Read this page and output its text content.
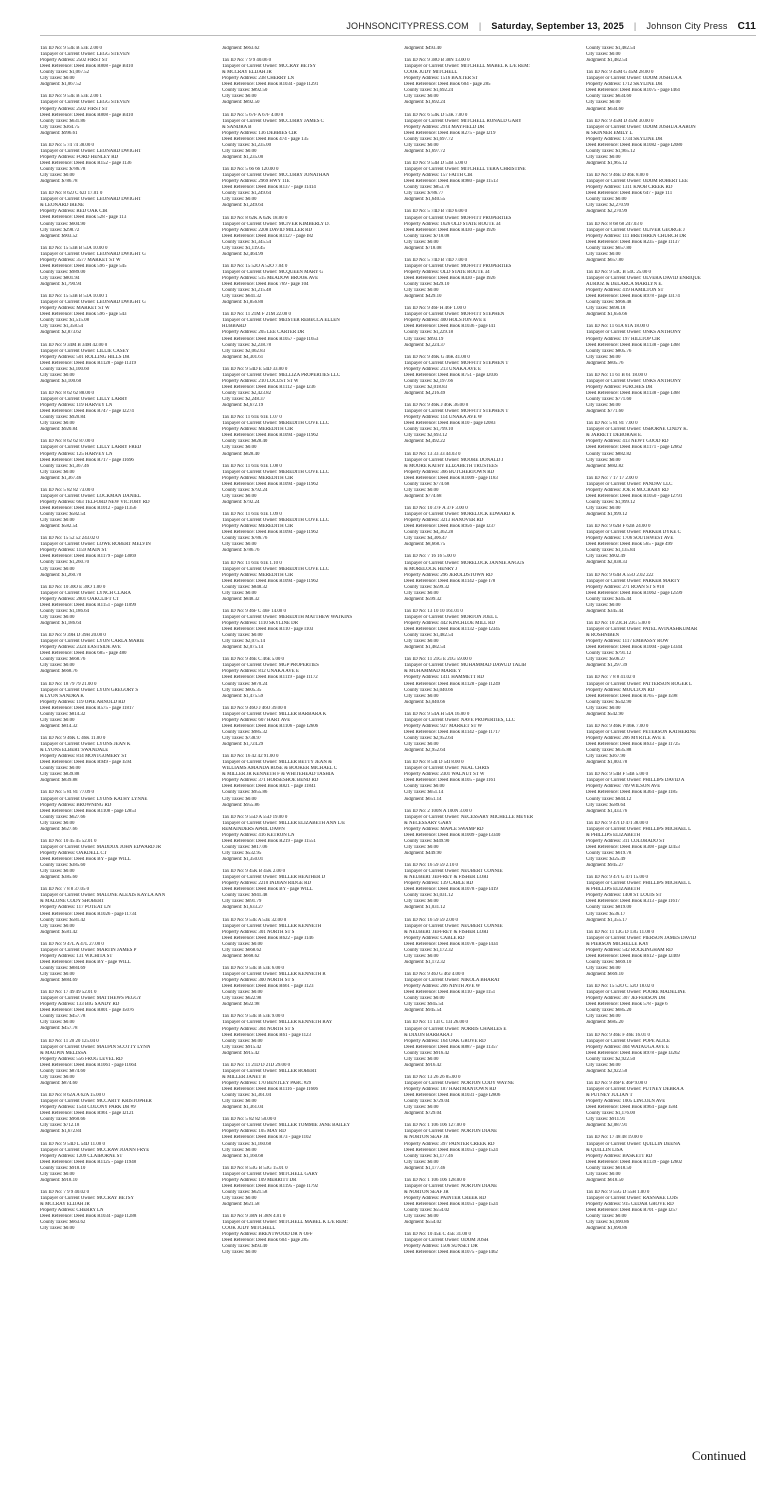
JOHNSONCITYPRESS.COM | Saturday, September 13, 2025 | Johnson City Press C11
Tax ID No: 9 53E B 53E 2.00 0
Taxpayer or Current Owner: LEGG STEVEN
Property Address: 2502 FIRST ST
Deed Reference: Deed Book R808 - page B410
County Taxes: $1,067.52
City Taxes: $0.00
Judgment: $1,067.52
Tax ID No: 9 53E B 53E 2.00 1
Taxpayer or Current Owner: LEGG STEVEN
Property Address: 2502 FIRST ST
Deed Reference: Deed Book R808 - page B410
County Taxes: $631.86
City Taxes: $364.75
Judgment: $996.61
Tax ID No: 5 74 74 38.00 0
Taxpayer or Current Owner: LEONARD DWIGHT
Property Address: FORD HENLEY RD
Deed Reference: Deed Book R152 - page I136
County Taxes: $786.78
City Taxes: $0.00
Judgment: $786.78
Tax ID No: 8 62J C 62J 17.01 0
Taxpayer or Current Owner: LEONARD DWIGHT
& LEONARD IRENE
Property Address: RED OAK CIR
Deed Reference: Deed Book 528 - page 113
County Taxes: $604.90
City Taxes: $298.72
Judgment: $903.52
Tax ID No: 15 53B B 53A 10.00 0
Taxpayer or Current Owner: LEONARD DWIGHT G
Property Address: 3577 MARKET ST W
Deed Reference: Deed Book 596 - page 545
County Taxes: $989.00
City Taxes: $801.94
Judgment: $1,790.94
Tax ID No: 15 53B B 53A 10.00 1
Taxpayer or Current Owner: LEONARD DWIGHT G
Property Address: MARKET ST W
Deed Reference: Deed Book 596 - page 543
County Taxes: $1,515.08
City Taxes: $1,358.54
Judgment: $2,873.62
Tax ID No: 9 34M B 34M 42.00 0
Taxpayer or Current Owner: LILLIE CASEY
Property Address: 501 ROLLING HILLS DR
Deed Reference: Deed Book R1128 - page I1319
County Taxes: $3,100.60
City Taxes: $0.00
Judgment: $3,100.60
Tax ID No: 8 62 62 88.00 0
Taxpayer or Current Owner: LILLY LARRY
Property Address: 119 HARVEY LN
Deed Reference: Deed Book R747 - page I2274
County Taxes: $920.84
City Taxes: $0.00
Judgment: $920.84
Tax ID No: 8 62 62 87.00 0
Taxpayer or Current Owner: LILLY LARRY FRED
Property Address: 125 HARVEY LN
Deed Reference: Deed Book R717 - page I1696
County Taxes: $1,367.46
City Taxes: $0.00
Judgment: $1,367.46
Tax ID No: 5 82 82 73.00 0
Taxpayer or Current Owner: LOCKMAN DANIEL
Property Address: 663 TELFORD NEW VICTORY RD
Deed Reference: Deed Book R1012 - page I1356
County Taxes: $582.54
City Taxes: $0.00
Judgment: $582.54
Tax ID No: 15 52 52 243.02 0
Taxpayer or Current Owner: LOWE ROBERT MELVIN
Property Address: 1159 MAIN ST
Deed Reference: Deed Book R1179 - page I3069
County Taxes: $1,260.70
City Taxes: $0.00
Judgment: $1,260.70
Tax ID No: 10 30O E 30O 1.00 0
Taxpayer or Current Owner: LYNCH CLARA
Property Address: 2801 OAKCLIFT CT
Deed Reference: Deed Book R1151 - page I1099
County Taxes: $1,186.64
City Taxes: $0.00
Judgment: $1,186.64
Tax ID No: 9 39H D 39H 20.00 0
Taxpayer or Current Owner: LYON CARLA MARIE
Property Address: 2324 EASTSIDE AVE
Deed Reference: Deed Book 685 - page 480
County Taxes: $668.76
City Taxes: $0.00
Judgment: $668.76
Tax ID No: 18 79 79 21.00 0
Taxpayer or Current Owner: LYON GREGORY S
& LYON SANDRA K
Property Address: 119 OPIE ARNOLD RD
Deed Reference: Deed Book R575 - page I1817
County Taxes: $814.32
City Taxes: $0.00
Judgment: $814.32
Tax ID No: 9 46K C 46K 11.00 0
Taxpayer or Current Owner: LYONS JEAN K
& LYONS ELBERT SWANDALE
Property Address: 814 MONTGOMERY ST
Deed Reference: Deed Book R949 - page I594
County Taxes: $0.00
City Taxes: $839.88
Judgment: $839.88
Tax ID No: 5 81 81 77.09 0
Taxpayer or Current Owner: LYONS KATHY LYNNE
Property Address: BROWNING RD
Deed Reference: Deed Book R1108 - page I2853
County Taxes: $627.66
City Taxes: $0.00
Judgment: $627.66
Tax ID No: 10 45 45 52.01 0
Taxpayer or Current Owner: MADDOX JOHN EDWARD JR
Property Address: OAKDELL CT
Deed Reference: Deed Book BY - page WILL
County Taxes: $385.60
City Taxes: $0.00
Judgment: $385.60
Tax ID No: 7 8 8 37.05 0
Taxpayer or Current Owner: MALONE ALEXIS KAYLA ANN
& MALONE CODY SHOBERT
Property Address: 117 POTEAT LN
Deed Reference: Deed Book R1026 - page I1734
County Taxes: $581.42
City Taxes: $0.00
Judgment: $581.42
Tax ID No: 9 47L A 47L 27.00 0
Taxpayer or Current Owner: MARTIN JAMES P
Property Address: 131 WICHITA ST
Deed Reference: Deed Book BY - page WILL
County Taxes: $884.69
City Taxes: $0.00
Judgment: $884.69
Tax ID No: 17 49 49 52.01 0
Taxpayer or Current Owner: MATTHEWS PEGGY
Property Address: 133 BIG SANDY RD
Deed Reference: Deed Book R801 - page I5076
County Taxes: $457.78
City Taxes: $0.00
Judgment: $457.78
Tax ID No: 11 20 20 125.04 0
Taxpayer or Current Owner: MAUPIN SCOTTY LYNN
& MAUPIN MELISSA
Property Address: 556 FROG LEVEL RD
Deed Reference: Deed Book R1061 - page I1664
County Taxes: $874.60
City Taxes: $0.00
Judgment: $874.60
Tax ID No: 8 62A A 62A 15.00 0
Taxpayer or Current Owner: MCCARTY KRISTOPHER
Property Address: 1544 COLONY PARK DR #9
Deed Reference: Deed Book R961 - page I2121
County Taxes: $960.66
City Taxes: $712.18
Judgment: $1,672.84
Tax ID No: 9 54D L 54D 11.00 0
Taxpayer or Current Owner: MCCRAW JOANN FRYE
Property Address: 1209 CLAIBORNE ST
Deed Reference: Deed Book R1125 - page I1948
County Taxes: $918.10
City Taxes: $0.00
Judgment: $918.10
Tax ID No: 7 9 9 40.02 0
Taxpayer or Current Owner: MCCRAY BETSY
& MCCRAY ELIJAH JR
Property Address: CHERRY LN
Deed Reference: Deed Book R1034 - page I1288
County Taxes: $663.62
City Taxes: $0.00
Judgment: $663.62
Tax ID No: 7 9 9 40.06 0
Taxpayer or Current Owner: MCCRAY BETSY
& MCCRAY ELIJAH JR
Property Address: 238 CHERRY LN
Deed Reference: Deed Book R1034 - page I1291
County Taxes: $892.50
City Taxes: $0.00
Judgment: $892.50
Tax ID No: 5 67F A 67F 4.00 0
Taxpayer or Current Owner: MCCURRY JAMES C
& SANDRA B
Property Address: 136 DEBBIES CIR
Deed Reference: Deed Book 474 - page 135
County Taxes: $1,235.00
City Taxes: $0.00
Judgment: $1,235.00
Tax ID No: 5 66 66 120.00 0
Taxpayer or Current Owner: MCCURRY JONATHAN
Property Address: 2969 HWY 11E
Deed Reference: Deed Book R137 - page I1414
County Taxes: $1,249.64
City Taxes: $0.00
Judgment: $1,249.64
Tax ID No: 8 62K A 62K 18.00 0
Taxpayer or Current Owner: MCIVER KIMBERLY D.
Property Address: 2208 DAVID MILLER RD
Deed Reference: Deed Book R1127 - page I82
County Taxes: $1,345.54
City Taxes: $1,119.45
Judgment: $2,464.99
Tax ID No: 15 52O A 52O 7.04 0
Taxpayer or Current Owner: MCQUEEN MARY G
Property Address: 515 MEADOW BROOK AVE
Deed Reference: Deed Book 769 - page 104
County Taxes: $1,215.48
City Taxes: $641.32
Judgment: $1,856.80
Tax ID No: 11 21M F 21M 22.00 0
Taxpayer or Current Owner: MEISTER REBECCA ELLEN
HUBBARD
Property Address: 205 LEE CARTER DR
Deed Reference: Deed Book R1057 - page I1653
County Taxes: $2,238.78
City Taxes: $2,062.83
Judgment: $4,301.61
Tax ID No: 9 54D E 54D 33.00 0
Taxpayer or Current Owner: MELLIZA PROPERTIES LLC
Property Address: 210 LOCUST ST W
Deed Reference: Deed Book R1112 - page I236
County Taxes: $2,423.82
City Taxes: $2,248.37
Judgment: $4,672.19
Tax ID No: 11 61E 61E 1.07 0
Taxpayer or Current Owner: MEREDITH COVE LLC
Property Address: MEREDITH CIR
Deed Reference: Deed Book R1094 - page I1962
County Taxes: $828.40
City Taxes: $0.00
Judgment: $828.40
Tax ID No: 11 61E 61E 1.08 0
Taxpayer or Current Owner: MEREDITH COVE LLC
Property Address: MEREDITH CIR
Deed Reference: Deed Book R1094 - page I1962
County Taxes: $792.24
City Taxes: $0.00
Judgment: $792.24
Tax ID No: 11 61E 61E 1.09 0
Taxpayer or Current Owner: MEREDITH COVE LLC
Property Address: MEREDITH CIR
Deed Reference: Deed Book R1094 - page I1962
County Taxes: $786.76
City Taxes: $0.00
Judgment: $786.76
Tax ID No: 11 61E 61E 1.10 0
Taxpayer or Current Owner: MEREDITH COVE LLC
Property Address: MEREDITH CIR
Deed Reference: Deed Book R1094 - page I1962
County Taxes: $848.32
City Taxes: $0.00
Judgment: $848.32
Tax ID No: 9 46F C 46F 14.00 0
Taxpayer or Current Owner: MEREDITH MATTHEW WATKINS
Property Address: 1110 SKYLINE DR
Deed Reference: Deed Book R110 - page I103
County Taxes: $0.00
City Taxes: $2,075.14
Judgment: $2,075.14
Tax ID No: 9 46E C 46E 5.00 0
Taxpayer or Current Owner: MGP PROPERTIES
Property Address: 812 UNAKA AVE E
Deed Reference: Deed Book R1119 - page I1172
County Taxes: $870.24
City Taxes: $605.35
Judgment: $1,475.59
Tax ID No: 9 46O J 46O 39.00 0
Taxpayer or Current Owner: MILLER BARBARA K
Property Address: 607 HART AVE
Deed Reference: Deed Book R1106 - page I2606
County Taxes: $985.32
City Taxes: $738.97
Judgment: $1,724.29
Tax ID No: 16 42 42 91.00 0
Taxpayer or Current Owner: MILLER BETTY JEAN &
WILLIAMS AMANDA ROSE & BOOKER MICHAEL C
& MILLER JR KENNETH F & WHITEHEAD TASHIA
Property Address: 371 HORSESHOE BEND RD
Deed Reference: Deed Book R821 - page I1841
County Taxes: $955.86
City Taxes: $0.00
Judgment: $955.86
Tax ID No: 9 55D A 55D 19.00 0
Taxpayer or Current Owner: MILLER ELIZABETH ANN L/E
REMAINDERS APRIL DAWN
Property Address: 416 KETRON LN
Deed Reference: Deed Book R219 - page I1551
County Taxes: $817.06
City Taxes: $532.95
Judgment: $1,350.01
Tax ID No: 9 45K B 45K 2.00 0
Taxpayer or Current Owner: MILLER HEATHER D
Property Address: 2210 INDIAN RIDGE RD
Deed Reference: Deed Book BY - page WILL
County Taxes: $941.48
City Taxes: $691.79
Judgment: $1,633.27
Tax ID No: 9 53E A 53E 32.00 0
Taxpayer or Current Owner: MILLER KENNETH
Property Address: 301 NORTH ST S
Deed Reference: Deed Book R622 - page I146
County Taxes: $0.00
City Taxes: $668.62
Judgment: $668.62
Tax ID No: 9 53E B 53E 6.00 0
Taxpayer or Current Owner: MILLER KENNETH R
Property Address: 300 NORTH ST S
Deed Reference: Deed Book R661 - page I123
County Taxes: $0.00
City Taxes: $622.98
Judgment: $622.98
Tax ID No: 9 53E B 53E 9.00 0
Taxpayer or Current Owner: MILLER KENNETH RAY
Property Address: 304 NORTH ST S
Deed Reference: Deed Book R61 - page I123
County Taxes: $0.00
City Taxes: $915.42
Judgment: $915.42
Tax ID No: 11 21D D 21D 29.00 0
Taxpayer or Current Owner: MILLER ROBERT
& MILLER JANET B
Property Address: 170 BENTLEY PARC #29
Deed Reference: Deed Book R1116 - page I1606
County Taxes: $1,361.04
City Taxes: $0.00
Judgment: $1,361.04
Tax ID No: 5 82 82 50.00 0
Taxpayer or Current Owner: MILLER TOMMIE JANE BAILEY
Property Address: 105 MAY RD
Deed Reference: Deed Book R73 - page I102
County Taxes: $1,160.68
City Taxes: $0.00
Judgment: $1,160.68
Tax ID No: 8 53G B 53G 15.01 0
Taxpayer or Current Owner: MITCHELL GARY
Property Address: 109 MERRITT DR
Deed Reference: Deed Book R1195 - page I1792
County Taxes: $621.58
City Taxes: $0.00
Judgment: $621.58
Tax ID No: 9 38N H 38N 4.01 0
Taxpayer or Current Owner: MITCHELL MABEL K L/E REM:
COOK JUDY MITCHELL
Property Address: BRENTWOOD DR N OFF
Deed Reference: Deed Book 604 - page 285
County Taxes: $493.40
City Taxes: $0.00
Judgment: $493.40
Tax ID No: 9 38O B 38N 13.00 0
Taxpayer or Current Owner: MITCHELL MABEL K L/E REM:
COOK JUDY MITCHELL
Property Address: 1516 BAXTER ST
Deed Reference: Deed Book 604 - page 285
County Taxes: $1,692.24
City Taxes: $0.00
Judgment: $1,692.24
Tax ID No: 6 53K D 53K 7.00 0
Taxpayer or Current Owner: MITCHELL RONALD GARY
Property Address: 2914 MAYFIELD DR
Deed Reference: Deed Book R275 - page I219
County Taxes: $1,697.72
City Taxes: $0.00
Judgment: $1,697.72
Tax ID No: 9 53B D 53B 5.00 0
Taxpayer or Current Owner: MITCHELL TERA CHRISTINE
Property Address: 157 FAITH CIR
Deed Reference: Deed Book R980 - page I1513
County Taxes: $853.78
City Taxes: $786.77
Judgment: $1,640.55
Tax ID No: 5 74D B 74D 6.00 0
Taxpayer or Current Owner: MOFFITT PROPERTIES
Property Address: 1626 OLD STATE ROUTE 34
Deed Reference: Deed Book R430 - page I926
County Taxes: $718.08
City Taxes: $0.00
Judgment: $718.08
Tax ID No: 5 74D B 74D 7.00 0
Taxpayer or Current Owner: MOFFITT PROPERTIES
Property Address: OLD STATE ROUTE 34
Deed Reference: Deed Book R430 - page I926
County Taxes: $429.10
City Taxes: $0.00
Judgment: $429.10
Tax ID No: 9 46F H 46F 1.00 0
Taxpayer or Current Owner: MOFFITT STEPHEN
Property Address: 400 HOLSTON AVE E
Deed Reference: Deed Book R1036 - page I41
County Taxes: $1,229.18
City Taxes: $993.19
Judgment: $2,224.37
Tax ID No: 9 46K G 46K 41.00 0
Taxpayer or Current Owner: MOFFITT STEPHEN T
Property Address: 213 UNAKA AVE E
Deed Reference: Deed Book R751 - page I2036
County Taxes: $2,197.66
City Taxes: $2,018.83
Judgment: $4,216.49
Tax ID No: 9 46K J 46K 36.00 0
Taxpayer or Current Owner: MOFFITT STEPHEN T
Property Address: 114 UNAKA AVE W
Deed Reference: Deed Book R10 - page I2083
County Taxes: $1,799.10
City Taxes: $2,693.12
Judgment: $4,492.22
Tax ID No: 13 33 33 44.03 0
Taxpayer or Current Owner: MOORE DONALD J
& MOORE KATHY ELIZABETH TRUSTEES
Property Address: 366 BUTCHERTOWN RD
Deed Reference: Deed Book R1009 - page I183
County Taxes: $774.68
City Taxes: $0.00
Judgment: $774.68
Tax ID No: 10 37F A 37F 3.00 0
Taxpayer or Current Owner: MORELOCK EDWARD K
Property Address: 3213 HANOVER RD
Deed Reference: Deed Book R956 - page I237
County Taxes: $4,362.28
City Taxes: $4,306.47
Judgment: $8,668.75
Tax ID No: 7 16 16 5.00 0
Taxpayer or Current Owner: MORELOCK JANNIE ANGUS
& MORELOCK HENRY J
Property Address: 296 JEROLDSTOWN RD
Deed Reference: Deed Book R1142 - page I78
County Taxes: $599.32
City Taxes: $0.00
Judgment: $599.32
Tax ID No: 13 10 10 161.01 0
Taxpayer or Current Owner: MORTON JOEL L
Property Address: 442 KINCHLOE MILL RD
Deed Reference: Deed Book R1132 - page I2345
County Taxes: $1,482.54
City Taxes: $0.00
Judgment: $1,482.54
Tax ID No: 11 21G E 21G 59.00 0
Taxpayer or Current Owner: MUHAMMAD DAWUD TALIB
& MUHAMMAD MARIE Y
Property Address: 1411 HAMMETT RD
Deed Reference: Deed Book R1128 - page I1249
County Taxes: $3,040.66
City Taxes: $0.00
Judgment: $3,040.66
Tax ID No: 9 54A H 54A 16.00 0
Taxpayer or Current Owner: NAVE PROPERTIES, LLC
Property Address: 927 MARKET ST W
Deed Reference: Deed Book R1142 - page I1717
County Taxes: $2,952.64
City Taxes: $0.00
Judgment: $2,952.64
Tax ID No: 8 54I D 54I 8.00 0
Taxpayer or Current Owner: NEAL CHRIS
Property Address: 2301 WALNUT ST W
Deed Reference: Deed Book R105 - page I161
County Taxes: $0.00
City Taxes: $651.14
Judgment: $651.14
Tax ID No: 2 100N A 100N 3.00 0
Taxpayer or Current Owner: NECESSARY MICHELLE MEYER
& NECESSARY GARY
Property Address: MAPLE SWAMP RD
Deed Reference: Deed Book R1009 - page I3340
County Taxes: $449.90
City Taxes: $0.00
Judgment: $449.90
Tax ID No: 16 59 59 2.10 0
Taxpayer or Current Owner: NEUBERT CONNIE
& NEUBERT JEFFREY & FISHER LORI
Property Address: 139 CABLE RD
Deed Reference: Deed Book R1078 - page I419
County Taxes: $1,031.12
City Taxes: $0.00
Judgment: $1,031.12
Tax ID No: 16 59 59 2.00 0
Taxpayer or Current Owner: NEUBERT CONNIE
& NEUBERT JEFFREY & FISHER LORI
Property Address: CABLE RD
Deed Reference: Deed Book R1078 - page I434
County Taxes: $1,172.32
City Taxes: $0.00
Judgment: $1,172.32
Tax ID No: 9 46J G 46J 4.00 0
Taxpayer or Current Owner: NIKOLA BHARAT
Property Address: 206 NINTH AVE W
Deed Reference: Deed Book R110 - page I151
County Taxes: $0.00
City Taxes: $945.54
Judgment: $945.54
Tax ID No: 11 13I C 13I 26.00 0
Taxpayer or Current Owner: NORRIS CHARLES E
& DIXON BARBARA J
Property Address: 164 OAK GROVE RD
Deed Reference: Deed Book R887 - page I1357
County Taxes: $916.42
City Taxes: $0.00
Judgment: $916.42
Tax ID No: 13 26 26 85.00 0
Taxpayer or Current Owner: NORTON CODY WAYNE
Property Address: 187 HARTMANTOWN RD
Deed Reference: Deed Book R1031 - page I2806
County Taxes: $729.04
City Taxes: $0.00
Judgment: $729.04
Tax ID No: 1 106 106 127.00 0
Taxpayer or Current Owner: NORTON DIANE
& NORTON SEAF JR
Property Address: 397 PAINTER CREEK RD
Deed Reference: Deed Book R1051 - page I524
County Taxes: $1,177.46
City Taxes: $0.00
Judgment: $1,177.46
Tax ID No: 1 106 106 128.00 0
Taxpayer or Current Owner: NORTON DIANE
& NORTON SEAF JR
Property Address: PAINTER CREEK RD
Deed Reference: Deed Book R1051 - page I524
County Taxes: $554.02
City Taxes: $0.00
Judgment: $554.02
Tax ID No: 10 45E C 45E 31.00 0
Taxpayer or Current Owner: ODOM JOSH
Property Address: 1506 SUNSET DR
Deed Reference: Deed Book R1075 - page I462
County Taxes: $1,482.54
City Taxes: $0.00
Judgment: $1,482.54
Tax ID No: 9 45M G 45M 28.00 0
Taxpayer or Current Owner: ODOM JOSHUA A
Property Address: 1712 SKYLINE DR
Deed Reference: Deed Book R1075 - page I464
County Taxes: $634.60
City Taxes: $0.00
Judgment: $634.60
Tax ID No: 9 45M D 45M 30.00 0
Taxpayer or Current Owner: ODOM JOSHUA AARON
& SKINNER EMILY L
Property Address: 1734 SKYLINE DR
Deed Reference: Deed Book R1082 - page I2080
County Taxes: $1,965.12
City Taxes: $0.00
Judgment: $1,965.12
Tax ID No: 9 46E D 46E 8.00 0
Taxpayer or Current Owner: ODOM ROBERT LEE
Property Address: 1311 KNOB CREEK RD
Deed Reference: Deed Book 647 - page 111
County Taxes: $0.00
City Taxes: $2,270.99
Judgment: $2,270.99
Tax ID No: 8 68 68 247.03 0
Taxpayer or Current Owner: OLIVER GEORGE J
Property Address: 111 BRETHREN CHURCH DR
Deed Reference: Deed Book R235 - page I1137
County Taxes: $657.80
City Taxes: $0.00
Judgment: $657.80
Tax ID No: 9 54C B 54C 25.00 0
Taxpayer or Current Owner: OLVERA DAVID ENRIQUE
AURIOZ & DELARCA MARILYN E.
Property Address: 419 HAMILTON ST
Deed Reference: Deed Book R978 - page I3174
County Taxes: $966.48
City Taxes: $690.18
Judgment: $1,656.66
Tax ID No: 11 61A 61A 18.00 0
Taxpayer or Current Owner: ONKS ANTHONY
Property Address: 197 HILLTOP CIR
Deed Reference: Deed Book R1138 - page I368
County Taxes: $805.76
City Taxes: $0.00
Judgment: $805.76
Tax ID No: 11 61 B 61 18.00 0
Taxpayer or Current Owner: ONKS ANTHONY
Property Address: FURCHES DR
Deed Reference: Deed Book R1138 - page I368
County Taxes: $771.60
City Taxes: $0.00
Judgment: $771.60
Tax ID No: 5 81 81 7.00 0
Taxpayer or Current Owner: OSBORNE CINDY K.
& JARRETT DEBORAH E.
Property Address: 413 NEWT GOOD RD
Deed Reference: Deed Book R1171 - page I2662
County Taxes: $882.82
City Taxes: $0.00
Judgment: $882.82
Tax ID No: 7 17 17 2.00 0
Taxpayer or Current Owner: PANDAV LLC
Property Address: JOE R MCCRARY RD
Deed Reference: Deed Book R1050 - page I2791
County Taxes: $1,999.12
City Taxes: $0.00
Judgment: $1,999.12
Tax ID No: 9 62B F 62B 24.00 0
Taxpayer or Current Owner: PARKER DYKE C
Property Address: 1706 SOUTHWEST AVE
Deed Reference: Deed Book 565 - page 499
County Taxes: $1,135.84
City Taxes: $902.49
Judgment: $2,038.33
Tax ID No: 9 63B A 55O 2.02 222
Taxpayer or Current Owner: PARKER MARTY
Property Address: 271 ROAN ST S #10
Deed Reference: Deed Book R1062 - page I2599
County Taxes: $345.44
City Taxes: $0.00
Judgment: $345.44
Tax ID No: 10 23CH 23G 5.00 0
Taxpayer or Current Owner: PATEL AVINASHKUMAR
& ROSHNIBEN
Property Address: 1117 EMBASSY ROW
Deed Reference: Deed Book R1004 - page I3344
County Taxes: $791.12
City Taxes: $506.27
Judgment: $1,297.39
Tax ID No: 7 8 8 41.02 0
Taxpayer or Current Owner: PATTERSON ROGER L
Property Address: MOULTON RD
Deed Reference: Deed Book R765 - page I598
County Taxes: $542.90
City Taxes: $0.00
Judgment: $542.90
Tax ID No: 9 46K P 46K 7.00 0
Taxpayer or Current Owner: PETERSON KATHERINE
Property Address: 206 MYRTLE AVE E
Deed Reference: Deed Book R633 - page I1725
County Taxes: $635.88
City Taxes: $367.90
Judgment: $1,003.78
Tax ID No: 9 54B F 54B 5.00 0
Taxpayer or Current Owner: PHILLIPS DAVID A
Property Address: 709 WILSON AVE
Deed Reference: Deed Book R364 - page I185
County Taxes: $844.12
City Taxes: $589.64
Judgment: $1,433.76
Tax ID No: 9 47I D 47I 38.00 0
Taxpayer or Current Owner: PHILLIPS MICHAEL L
& PHILLIPS ELIZABETH
Property Address: 311 COLORADO ST
Deed Reference: Deed Book R308 - page I2453
County Taxes: $619.78
City Taxes: $325.49
Judgment: $945.27
Tax ID No: 9 47I G 47I 15.00 0
Taxpayer or Current Owner: PHILLIPS MICHAEL L
& PHILLIPS ELIZABETH
Property Address: 1408 ST LOUIS ST
Deed Reference: Deed Book R313 - page I1617
County Taxes: $819.00
City Taxes: $536.17
Judgment: $1,355.17
Tax ID No: 11 13G D 13G 11.00 0
Taxpayer or Current Owner: PIERSON JAMES DAVID
& PIERSON MICHELLE KAY
Property Address: 542 ROCKINGHAM RD
Deed Reference: Deed Book R612 - page I2469
County Taxes: $669.10
City Taxes: $0.00
Judgment: $669.10
Tax ID No: 15 52O C 52O 18.02 0
Taxpayer or Current Owner: POORE MADELINE
Property Address: 307 JEFFERSON DR
Deed Reference: Deed Book 578 - page 6
County Taxes: $685.20
City Taxes: $0.00
Judgment: $685.20
Tax ID No: 9 46E F 46E 16.01 0
Taxpayer or Current Owner: POPE ALICE
Property Address: 404 WATAUGA AVE E
Deed Reference: Deed Book R978 - page I3262
County Taxes: $2,922.50
City Taxes: $0.00
Judgment: $2,922.50
Tax ID No: 9 46P E 46P 9.00 0
Taxpayer or Current Owner: PUTNEY DEBRA A
& PUTNEY JULIAN T
Property Address: 1005 LINCOLN AVE
Deed Reference: Deed Book R964 - page I584
County Taxes: $1,176.00
City Taxes: $911.91
Judgment: $2,087.91
Tax ID No: 17 48 48 19.00 0
Taxpayer or Current Owner: QUILLIN DEENA
& QUILLIN LISA
Property Address: BASKETT RD
Deed Reference: Deed Book R1139 - page I2602
County Taxes: $618.50
City Taxes: $0.00
Judgment: $618.50
Tax ID No: 9 55G D 55H 1.00 0
Taxpayer or Current Owner: RASNAKE LOIS
Property Address: 915 CEDAR GROVE RD
Deed Reference: Deed Book R701 - page I257
County Taxes: $0.00
City Taxes: $1,690.86
Judgment: $1,690.86
Continued
